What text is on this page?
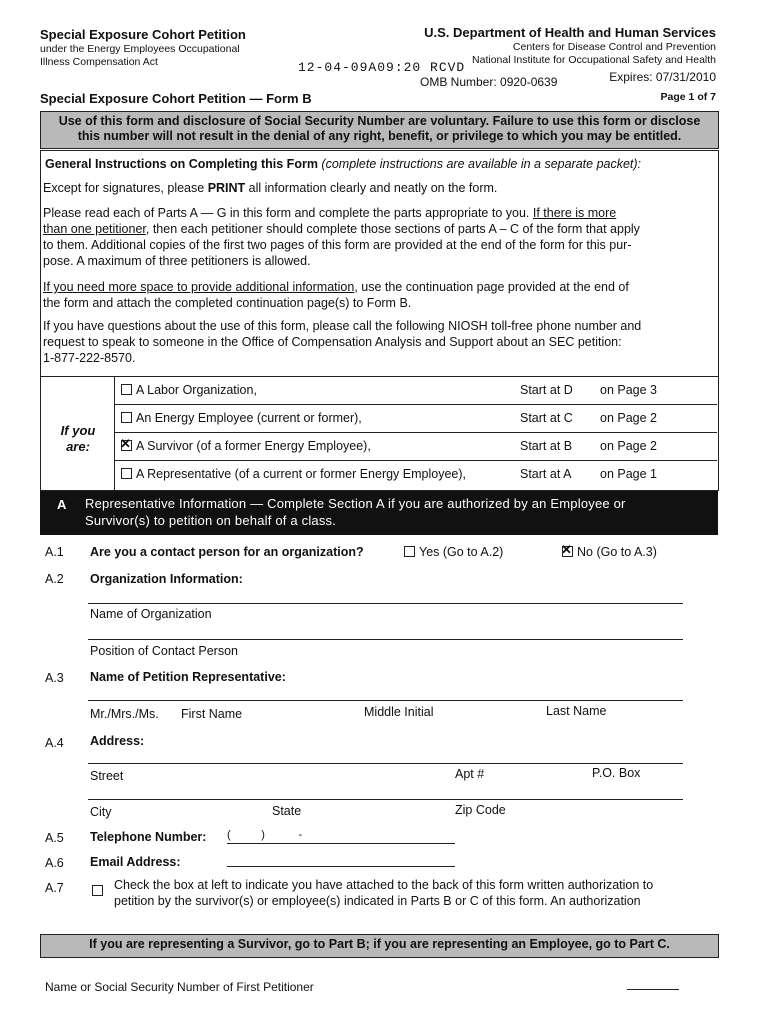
Special Exposure Cohort Petition
under the Energy Employees Occupational
Illness Compensation Act	12-04-09A09:20 RCVD
U.S. Department of Health and Human Services
Centers for Disease Control and Prevention
National Institute for Occupational Safety and Health
OMB Number: 0920-0639	Expires: 07/31/2010
Special Exposure Cohort Petition — Form B	Page 1 of 7
Use of this form and disclosure of Social Security Number are voluntary. Failure to use this form or disclose
this number will not result in the denial of any right, benefit, or privilege to which you may be entitled.
General Instructions on Completing this Form (complete instructions are available in a separate packet):
Except for signatures, please PRINT all information clearly and neatly on the form.
Please read each of Parts A — G in this form and complete the parts appropriate to you. If there is more
than one petitioner, then each petitioner should complete those sections of parts A – C of the form that apply
to them. Additional copies of the first two pages of this form are provided at the end of the form for this pur-
pose. A maximum of three petitioners is allowed.
If you need more space to provide additional information, use the continuation page provided at the end of
the form and attach the completed continuation page(s) to Form B.
If you have questions about the use of this form, please call the following NIOSH toll-free phone number and
request to speak to someone in the Office of Compensation Analysis and Support about an SEC petition:
1-877-222-8570.
If you
are:
A Labor Organization,	Start at D on Page 3
An Energy Employee (current or former),	Start at C on Page 2
✕A Survivor (of a former Energy Employee),	Start at B on Page 2
A Representative (of a current or former Energy Employee),	Start at A on Page 1
A Representative Information — Complete Section A if you are authorized by an Employee or
Survivor(s) to petition on behalf of a class.
A.1 Are you a contact person for an organization?	Yes (Go to A.2)
✕	No (Go to A.3)
A.2 Organization Information:
Name of Organization
Position of Contact Person
A.3 Name of Petition Representative:
Mr./Mrs./Ms. First Name	Middle Initial	Last Name
A.4 Address:
Street	Apt #	P.O. Box
City	State	Zip Code
A.5 Telephone Number: (          )           -
A.6 Email Address:
A.7	Check the box at left to indicate you have attached to the back of this form written authorization to
petition by the survivor(s) or employee(s) indicated in Parts B or C of this form. An authorization
If you are representing a Survivor, go to Part B; if you are representing an Employee, go to Part C.
Name or Social Security Number of First Petitioner
